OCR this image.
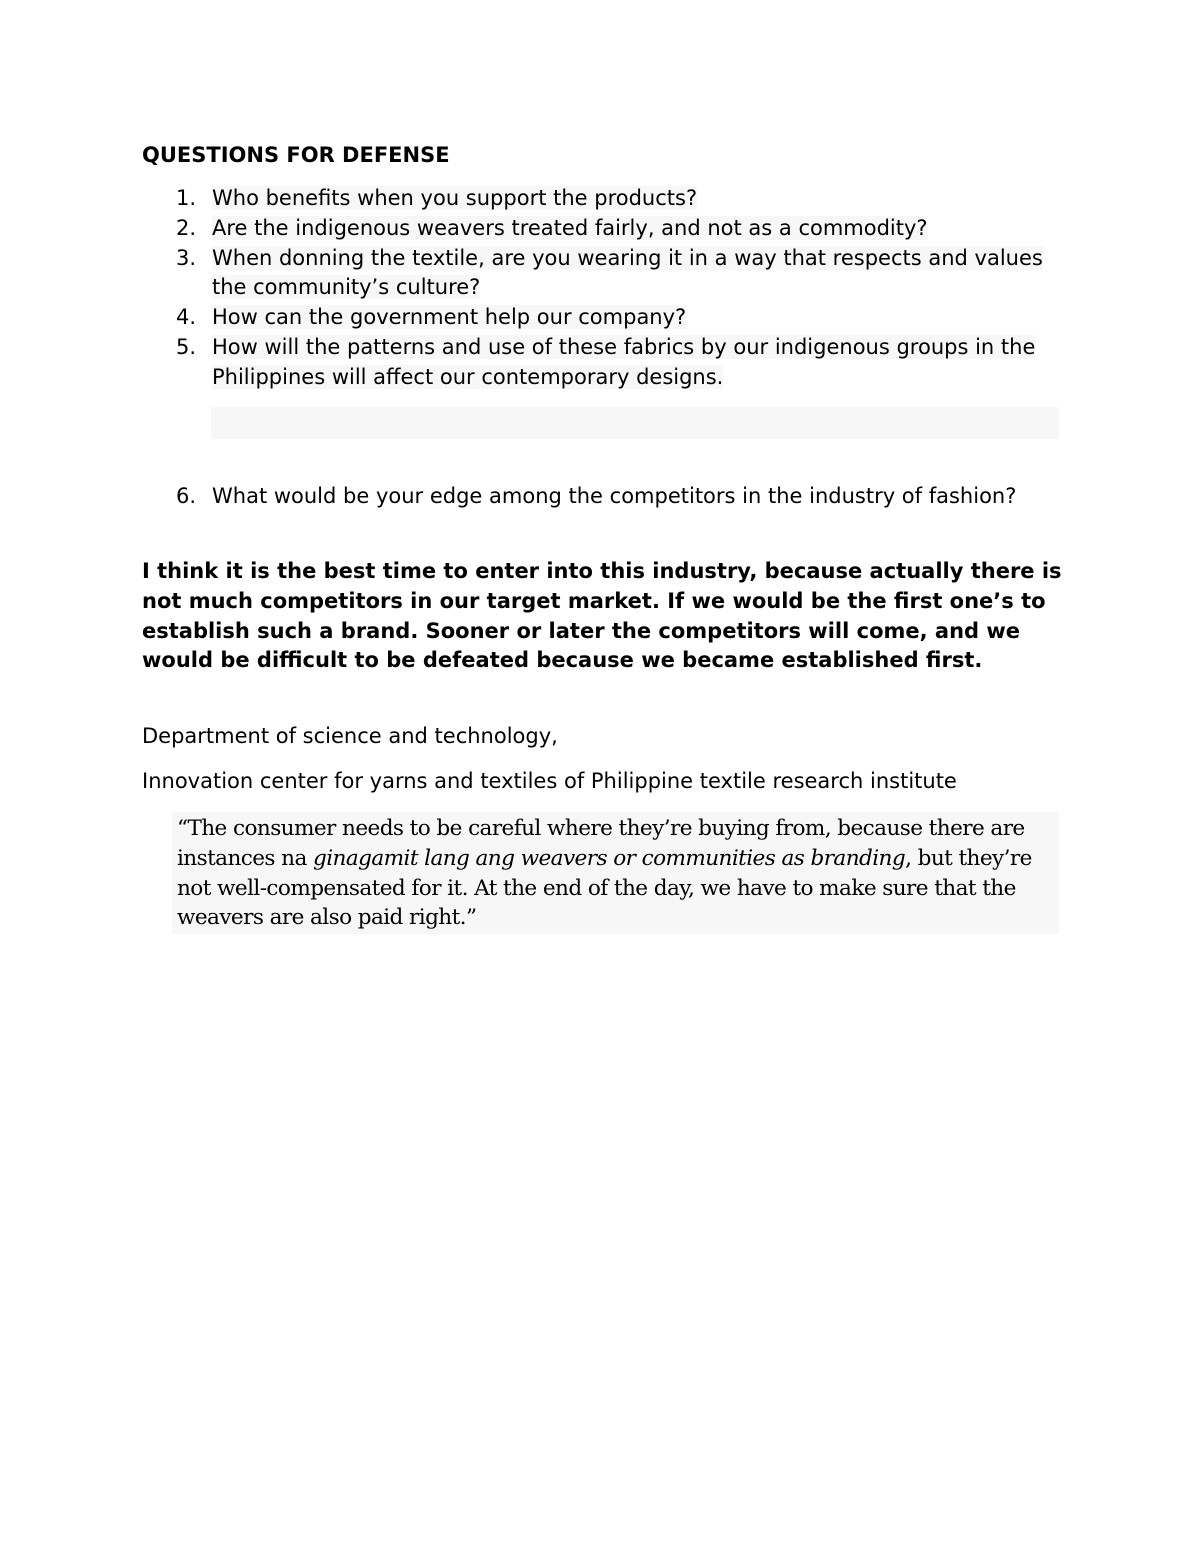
QUESTIONS FOR DEFENSE
1. Who benefits when you support the products?
2. Are the indigenous weavers treated fairly, and not as a commodity?
3. When donning the textile, are you wearing it in a way that respects and values the community’s culture?
4. How can the government help our company?
5. How will the patterns and use of these fabrics by our indigenous groups in the Philippines will affect our contemporary designs.
6. What would be your edge among the competitors in the industry of fashion?
I think it is the best time to enter into this industry, because actually there is not much competitors in our target market. If we would be the first one’s to establish such a brand. Sooner or later the competitors will come, and we would be difficult to be defeated because we became established first.
Department of science and technology,
Innovation center for yarns and textiles of Philippine textile research institute
“The consumer needs to be careful where they’re buying from, because there are instances na ginagamit lang ang weavers or communities as branding, but they’re not well-compensated for it. At the end of the day, we have to make sure that the weavers are also paid right.”
